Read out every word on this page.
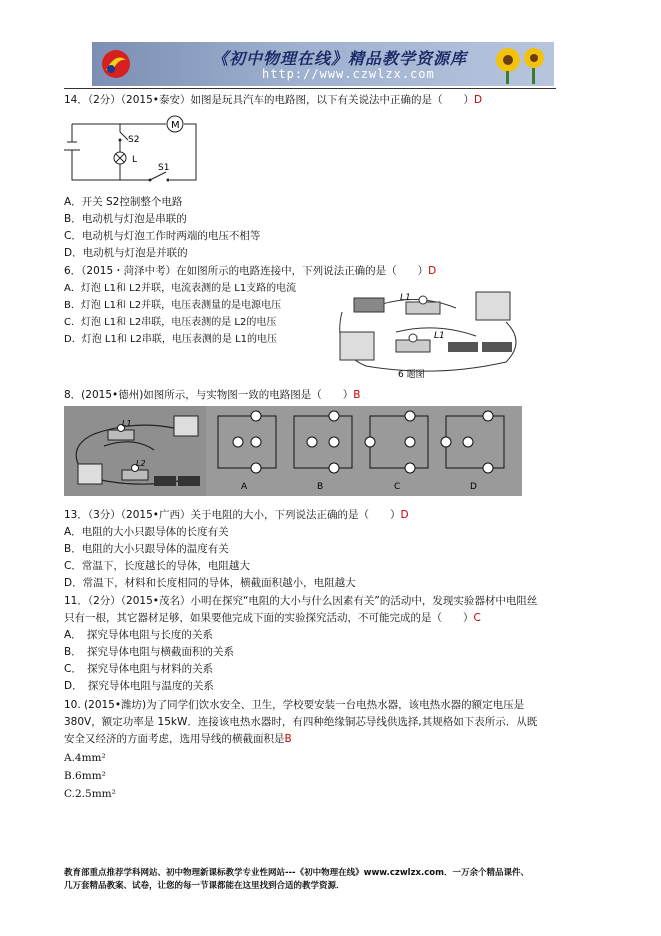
《初中物理在线》精品教学资源库
http://www.czwlzx.com
14．（2分）（2015•泰安）如图是玩具汽车的电路图，以下有关说法中正确的是（　　）D
M
S2
L
S1
A．开关 S2控制整个电路
B．电动机与灯泡是串联的
C．电动机与灯泡工作时两端的电压不相等
D．电动机与灯泡是并联的
6．（2015・菏泽中考）在如图所示的电路连接中，下列说法正确的是（　　）D
A．灯泡 L1和 L2并联，电流表测的是 L1支路的电流
B．灯泡 L1和 L2并联，电压表测量的是电源电压
C．灯泡 L1和 L2串联，电压表测的是 L2的电压
D．灯泡 L1和 L2串联，电压表测的是 L1的电压
L1
L1
6 题图
8．(2015•德州)如图所示，与实物图一致的电路图是（　　）B
L1
L2
A	B	C	D
13．（3分）（2015•广西）关于电阻的大小，下列说法正确的是（　　）D
A．电阻的大小只跟导体的长度有关
B．电阻的大小只跟导体的温度有关
C．常温下，长度越长的导体，电阻越大
D．常温下，材料和长度相同的导体，横截面积越小，电阻越大
11．（2分）（2015•茂名）小明在探究“电阻的大小与什么因素有关”的活动中，发现实验器材中电阻丝
只有一根，其它器材足够，如果要他完成下面的实验探究活动，不可能完成的是（　　）C
A．　探究导体电阻与长度的关系
B．　探究导体电阻与横截面积的关系
C．　探究导体电阻与材料的关系
D．　探究导体电阻与温度的关系
10. (2015•潍坊)为了同学们饮水安全、卫生，学校要安装一台电热水器，该电热水器的额定电压是
380V，额定功率是 15kW．连接该电热水器时，有四种绝缘铜芯导线供选择,其规格如下表所示．从既
安全又经济的方面考虑，选用导线的横截面积是B
A.4mm²
B.6mm²
C.2.5mm²
教育部重点推荐学科网站、初中物理新课标教学专业性网站---《初中物理在线》www.czwlzx.com．一万余个精品课件、
几万套精品教案、试卷，让您的每一节课都能在这里找到合适的教学资源．
